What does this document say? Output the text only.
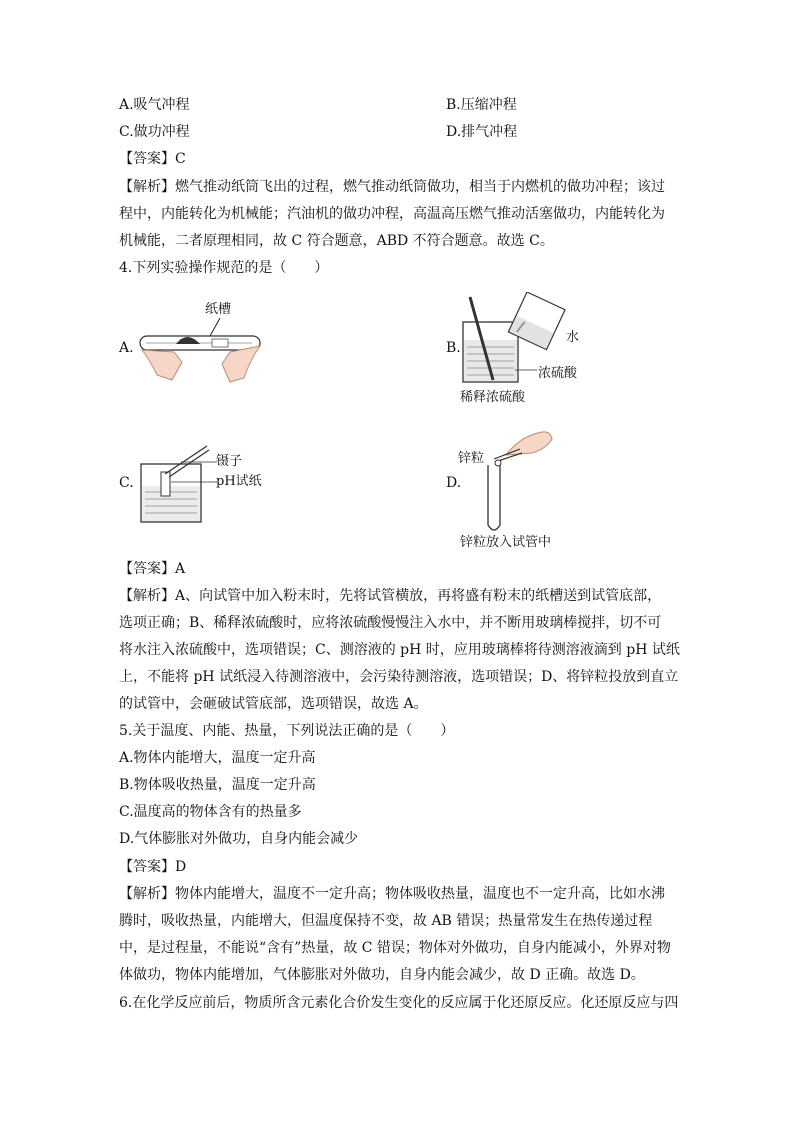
A.吸气冲程	B.压缩冲程
C.做功冲程	D.排气冲程
【答案】C
【解析】燃气推动纸筒飞出的过程，燃气推动纸筒做功，相当于内燃机的做功冲程；该过
程中，内能转化为机械能；汽油机的做功冲程，高温高压燃气推动活塞做功，内能转化为
机械能，二者原理相同，故 C 符合题意，ABD 不符合题意。故选 C。
4.下列实验操作规范的是（　　）
A.
纸槽
B.
水
浓硫酸
稀释浓硫酸
C.
镊子
pH试纸	D.
锌粒
锌粒放入试管中
【答案】A
【解析】A、向试管中加入粉末时，先将试管横放，再将盛有粉末的纸槽送到试管底部，
选项正确；B、稀释浓硫酸时，应将浓硫酸慢慢注入水中，并不断用玻璃棒搅拌，切不可
将水注入浓硫酸中，选项错误；C、测溶液的 pH 时，应用玻璃棒将待测溶液滴到 pH 试纸
上，不能将 pH 试纸浸入待测溶液中，会污染待测溶液，选项错误；D、将锌粒投放到直立
的试管中，会砸破试管底部，选项错误，故选 A。
5.关于温度、内能、热量，下列说法正确的是（　　）
A.物体内能增大，温度一定升高
B.物体吸收热量，温度一定升高
C.温度高的物体含有的热量多
D.气体膨胀对外做功，自身内能会减少
【答案】D
【解析】物体内能增大，温度不一定升高；物体吸收热量，温度也不一定升高，比如水沸
腾时，吸收热量，内能增大，但温度保持不变，故 AB 错误；热量常发生在热传递过程
中，是过程量，不能说“含有”热量，故 C 错误；物体对外做功，自身内能减小，外界对物
体做功，物体内能增加，气体膨胀对外做功，自身内能会减少，故 D 正确。故选 D。
6.在化学反应前后，物质所含元素化合价发生变化的反应属于化还原反应。化还原反应与四
